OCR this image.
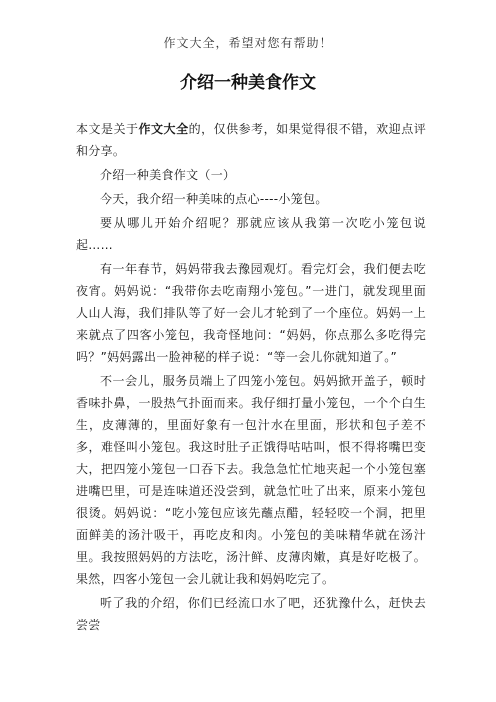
作文大全，希望对您有帮助！
介绍一种美食作文

本文是关于作文大全的，仅供参考，如果觉得很不错，欢迎点评和分享。

介绍一种美食作文（一）

今天，我介绍一种美味的点心----小笼包。

要从哪儿开始介绍呢？那就应该从我第一次吃小笼包说起……

有一年春节，妈妈带我去豫园观灯。看完灯会，我们便去吃夜宵。妈妈说：“我带你去吃南翔小笼包。”一进门，就发现里面人山人海，我们排队等了好一会儿才轮到了一个座位。妈妈一上来就点了四客小笼包，我奇怪地问：“妈妈，你点那么多吃得完吗？”妈妈露出一脸神秘的样子说：“等一会儿你就知道了。”

不一会儿，服务员端上了四笼小笼包。妈妈掀开盖子，顿时香味扑鼻，一股热气扑面而来。我仔细打量小笼包，一个个白生生，皮薄薄的，里面好象有一包汁水在里面，形状和包子差不多，难怪叫小笼包。我这时肚子正饿得咕咕叫，恨不得将嘴巴变大，把四笼小笼包一口吞下去。我急急忙忙地夹起一个小笼包塞进嘴巴里，可是连味道还没尝到，就急忙吐了出来，原来小笼包很烫。妈妈说：“吃小笼包应该先蘸点醋，轻轻咬一个洞，把里面鲜美的汤汁吸干，再吃皮和肉。小笼包的美味精华就在汤汁里。我按照妈妈的方法吃，汤汁鲜、皮薄肉嫩，真是好吃极了。果然，四客小笼包一会儿就让我和妈妈吃完了。

听了我的介绍，你们已经流口水了吧，还犹豫什么，赶快去尝尝
